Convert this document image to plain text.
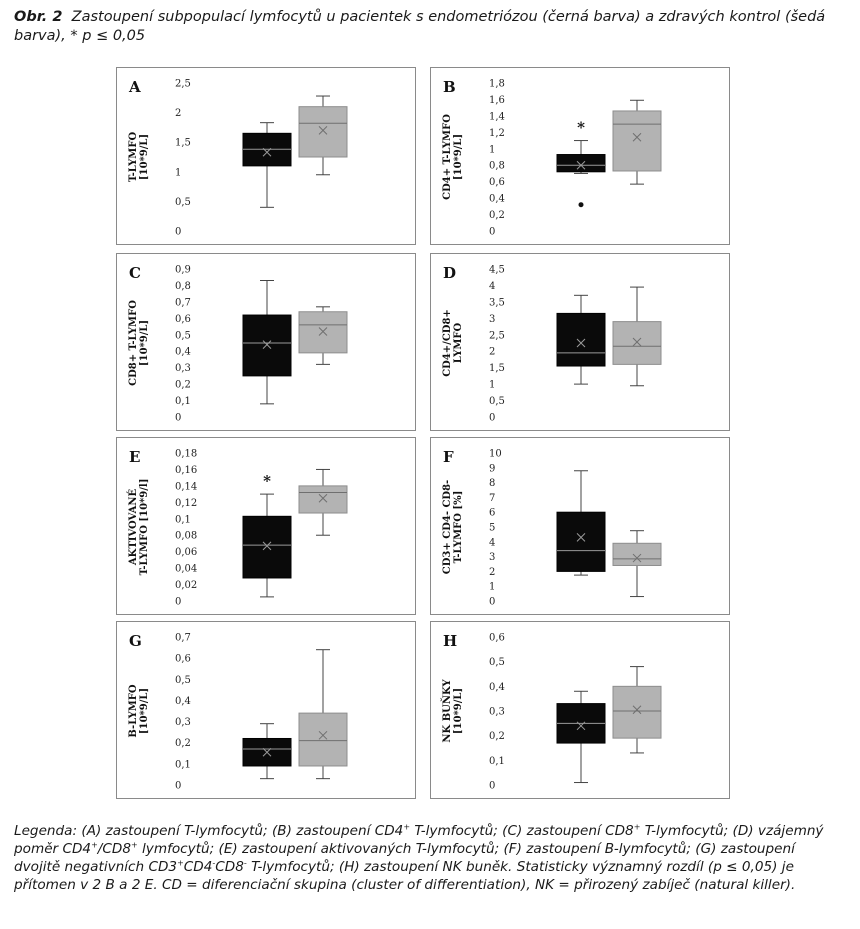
Obr. 2 Zastoupení subpopulací lymfocytů u pacientek s endometriózou (černá barva) a zdravých kontrol (šedá barva), * p ≤ 0,05
A
T-LYMFO [10*9/L]
0
0,5
1
1,5
2
2,5	B
CD4+ T-LYMFO [10*9/L]
0
0,2
0,4
0,6
0,8
1
1,2
1,4
1,6
1,8
*
C
CD8+ T-LYMFO [10*9/L]
0
0,1
0,2
0,3
0,4
0,5
0,6
0,7
0,8
0,9	D
CD4+/CD8+ LYMFO
0
0,5
1
1,5
2
2,5
3
3,5
4
4,5
E
AKTIVOVANÉ T-LYMFO [10*9/l]
0
0,02
0,04
0,06
0,08
0,1
0,12
0,14
0,16
0,18
*
F
CD3+ CD4- CD8- T-LYMFO [%]
0
1
2
3
4
5
6
7
8
9
10
G
B-LYMFO [10*9/L]
0
0,1
0,2
0,3
0,4
0,5
0,6
0,7	H
NK BUŇKY [10*9/L]
0
0,1
0,2
0,3
0,4
0,5
0,6
Legenda: (A) zastoupení T-lymfocytů; (B) zastoupení CD4+ T-lymfocytů; (C) zastoupení CD8+ T-lymfocytů; (D) vzájemný poměr CD4+/CD8+ lymfocytů; (E) zastoupení aktivovaných T-lymfocytů; (F) zastoupení B-lymfocytů; (G) zastoupení dvojitě negativních CD3+CD4-CD8- T-lymfocytů; (H) zastoupení NK buněk. Statisticky významný rozdíl (p ≤ 0,05) je přítomen v 2 B a 2 E. CD = diferenciační skupina (cluster of differentiation), NK = přirozený zabíječ (natural killer).
